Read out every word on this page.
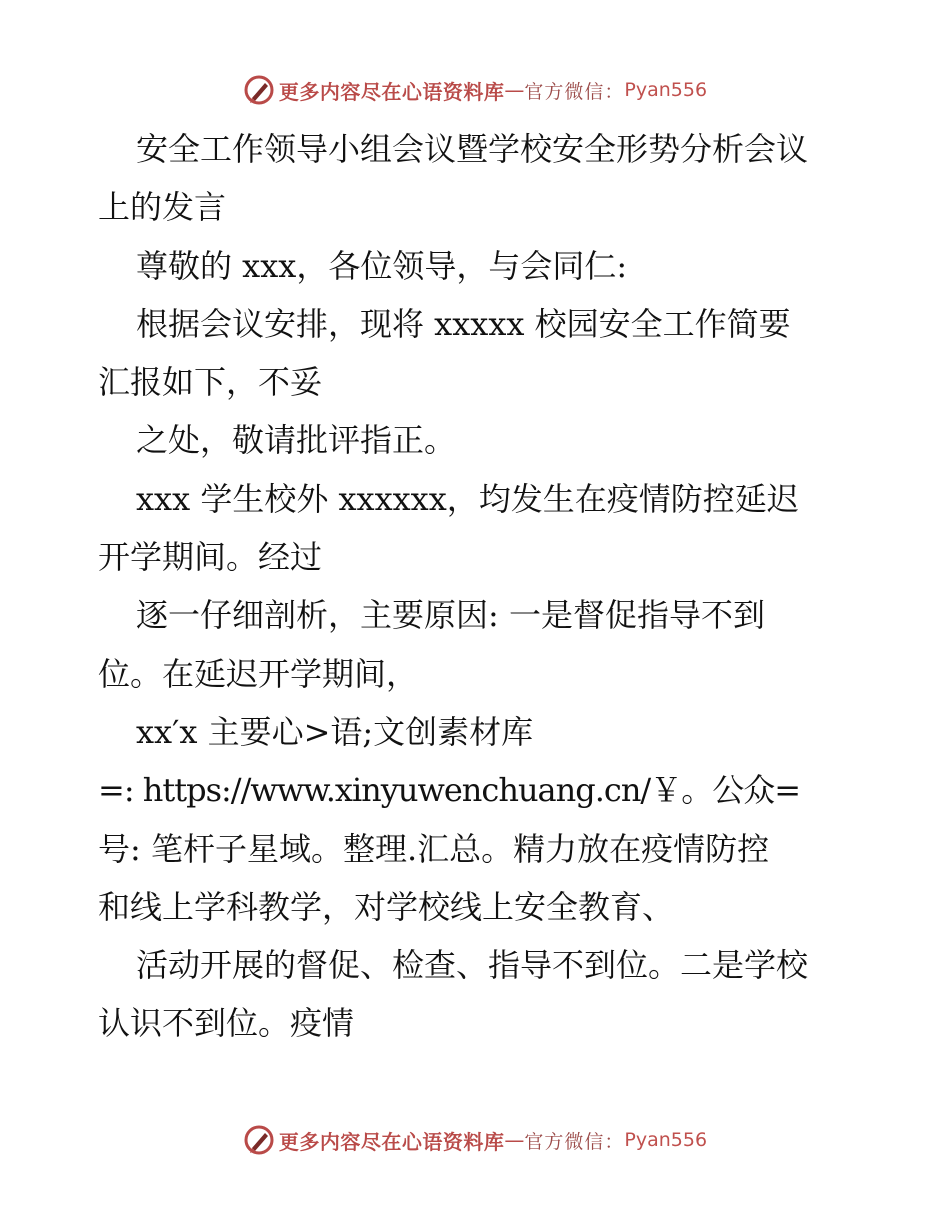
更多内容尽在心语资料库 — 官方微信： Pyan556
安全工作领导小组会议暨学校安全形势分析会议
上的发言
尊敬的 xxx，各位领导，与会同仁:
根据会议安排，现将 xxxxx 校园安全工作简要
汇报如下，不妥
之处，敬请批评指正。
xxx 学生校外 xxxxxx，均发生在疫情防控延迟
开学期间。经过
逐一仔细剖析，主要原因: 一是督促指导不到
位。在延迟开学期间，
xx′x 主要心>语;文创素材库
=: https://www.xinyuwenchuang.cn/￥。公众=
号: 笔杆子星域。整理.汇总。精力放在疫情防控
和线上学科教学，对学校线上安全教育、
活动开展的督促、检查、指导不到位。二是学校
认识不到位。疫情
更多内容尽在心语资料库 — 官方微信： Pyan556
